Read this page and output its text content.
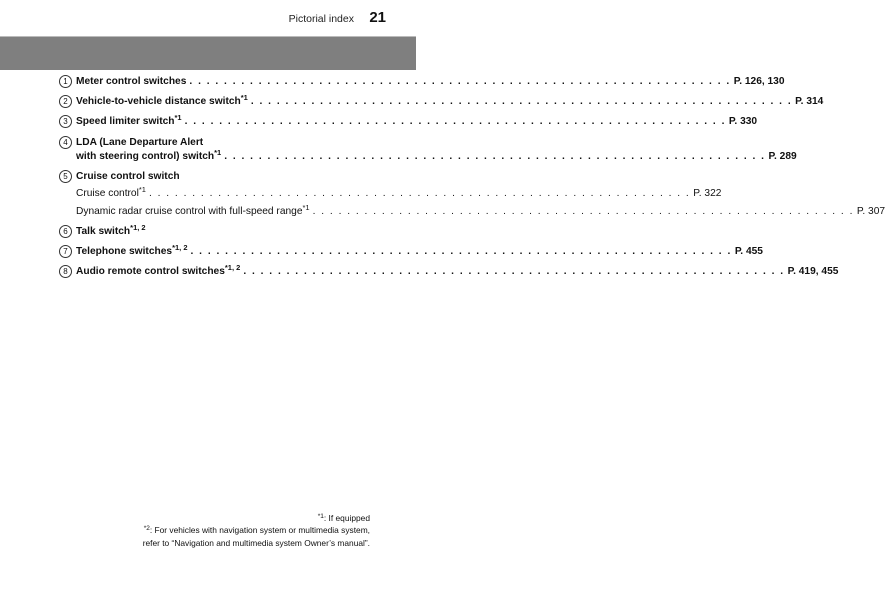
Pictorial index 21
1 Meter control switches . . . . . . . . . . . . . . . . . . . . . . . . . . . . . . . . . . . . . . . . . . . . . . . . . . . . . . . . . . . . . . . P. 126, 130
2 Vehicle-to-vehicle distance switch$^{*1}$ . . . . . . . . . . . . . . . . . . . . . . . . . . . . . . . . . . . . . . . . . . . . . . . . . . . . . . . . . . . . . . . P. 314
3 Speed limiter switch$^{*1}$ . . . . . . . . . . . . . . . . . . . . . . . . . . . . . . . . . . . . . . . . . . . . . . . . . . . . . . . . . . . . . . . P. 330
4 LDA (Lane Departure Alert
with steering control) switch$^{*1}$ . . . . . . . . . . . . . . . . . . . . . . . . . . . . . . . . . . . . . . . . . . . . . . . . . . . . . . . . . . . . . . . P. 289
5 Cruise control switch
Cruise control$^{*1}$ . . . . . . . . . . . . . . . . . . . . . . . . . . . . . . . . . . . . . . . . . . . . . . . . . . . . . . . . . . . . . . . P. 322
Dynamic radar cruise control with full-speed range$^{*1}$ . . . . . . . . . . . . . . . . . . . . . . . . . . . . . . . . . . . . . . . . . . . . . . . . . . . . . . . . . . . . . . . P. 307
6 Talk switch$^{*1, 2}$
7 Telephone switches$^{*1, 2}$ . . . . . . . . . . . . . . . . . . . . . . . . . . . . . . . . . . . . . . . . . . . . . . . . . . . . . . . . . . . . . . . P. 455
8 Audio remote control switches$^{*1, 2}$ . . . . . . . . . . . . . . . . . . . . . . . . . . . . . . . . . . . . . . . . . . . . . . . . . . . . . . . . . . . . . . . P. 419, 455
$^{*1}$: If equipped
$^{*2}$: For vehicles with navigation system or multimedia system,
refer to “Navigation and multimedia system Owner’s manual”.
